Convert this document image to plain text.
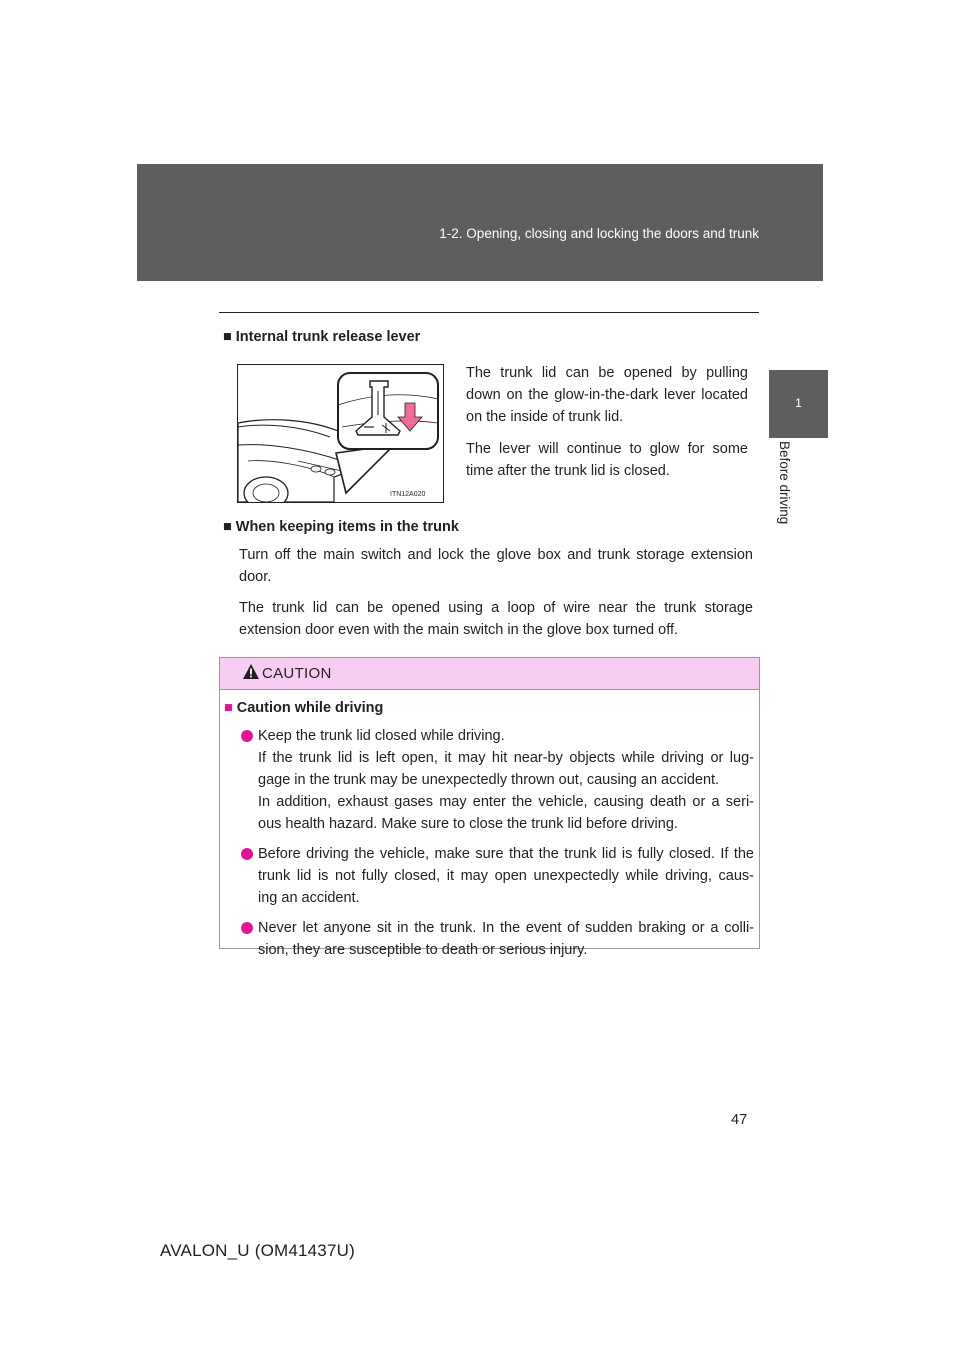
1-2. Opening, closing and locking the doors and trunk
1
Before driving
■ Internal trunk release lever
ITN12A020

The trunk lid can be opened by pulling down on the glow-in-the-dark lever located on the inside of trunk lid.

The lever will continue to glow for some time after the trunk lid is closed.

■ When keeping items in the trunk

Turn off the main switch and lock the glove box and trunk storage extension door.

The trunk lid can be opened using a loop of wire near the trunk storage extension door even with the main switch in the glove box turned off.

CAUTION
■ Caution while driving
Keep the trunk lid closed while driving.
If the trunk lid is left open, it may hit near-by objects while driving or lug-
gage in the trunk may be unexpectedly thrown out, causing an accident.
In addition, exhaust gases may enter the vehicle, causing death or a seri-
ous health hazard. Make sure to close the trunk lid before driving.
Before driving the vehicle, make sure that the trunk lid is fully closed. If the
trunk lid is not fully closed, it may open unexpectedly while driving, caus-
ing an accident.
Never let anyone sit in the trunk. In the event of sudden braking or a colli-
sion, they are susceptible to death or serious injury.
47
AVALON_U (OM41437U)
